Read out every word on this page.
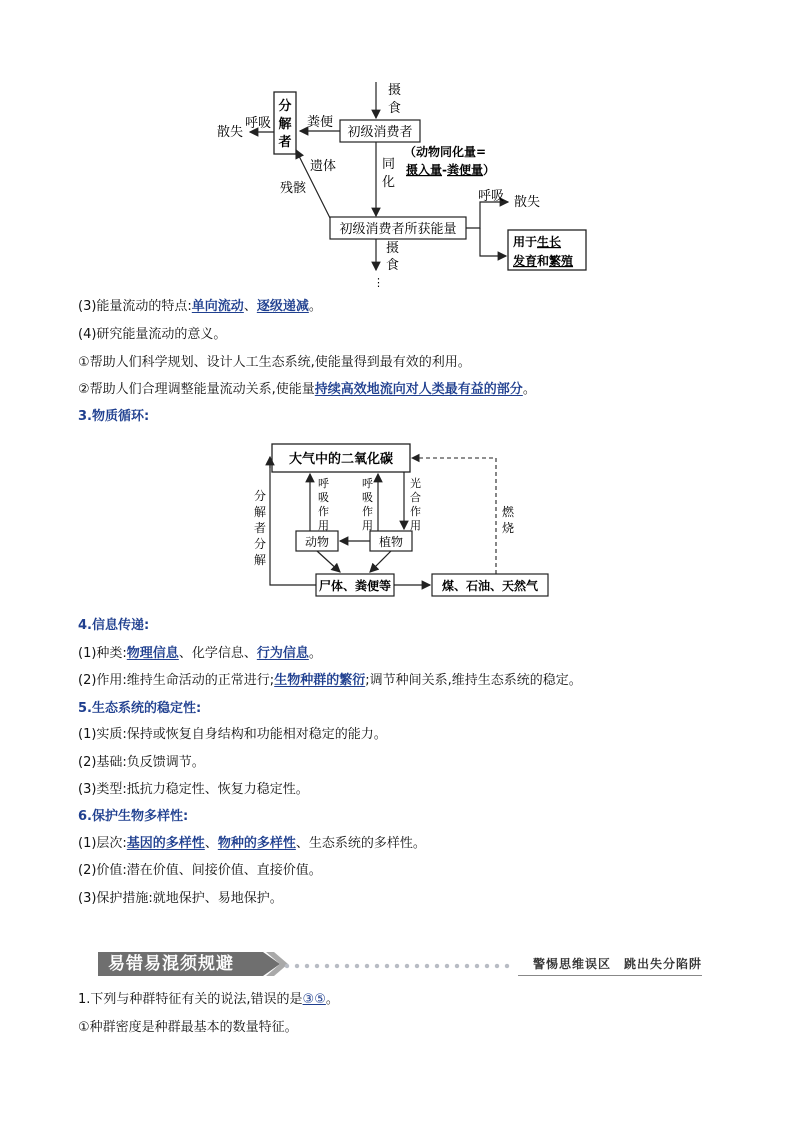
分
解
者
呼吸
散失	初级消费者
粪便
摄
食
同
化
（动物同化量=
摄入量-粪便量）
遗体
残骸
初级消费者所获能量
摄
食
⋮
呼吸 散失
用于生长
发育和繁殖
(3)能量流动的特点:单向流动、逐级递减。
(4)研究能量流动的意义。
①帮助人们科学规划、设计人工生态系统,使能量得到最有效的利用。
②帮助人们合理调整能量流动关系,使能量持续高效地流向对人类最有益的部分。
3.物质循环:
大气中的二氧化碳
动物	植物
尸体、粪便等	煤、石油、天然气
呼
吸
作
用
呼
吸
作
用
光
合
作
用
分
解
者
分
解
燃
烧
4.信息传递:
(1)种类:物理信息、化学信息、行为信息。
(2)作用:维持生命活动的正常进行;生物种群的繁衍;调节种间关系,维持生态系统的稳定。
5.生态系统的稳定性:
(1)实质:保持或恢复自身结构和功能相对稳定的能力。
(2)基础:负反馈调节。
(3)类型:抵抗力稳定性、恢复力稳定性。
6.保护生物多样性:
(1)层次:基因的多样性、物种的多样性、生态系统的多样性。
(2)价值:潜在价值、间接价值、直接价值。
(3)保护措施:就地保护、易地保护。
易错易混须规避	警惕思维误区　跳出失分陷阱
1.下列与种群特征有关的说法,错误的是③⑤。
①种群密度是种群最基本的数量特征。
